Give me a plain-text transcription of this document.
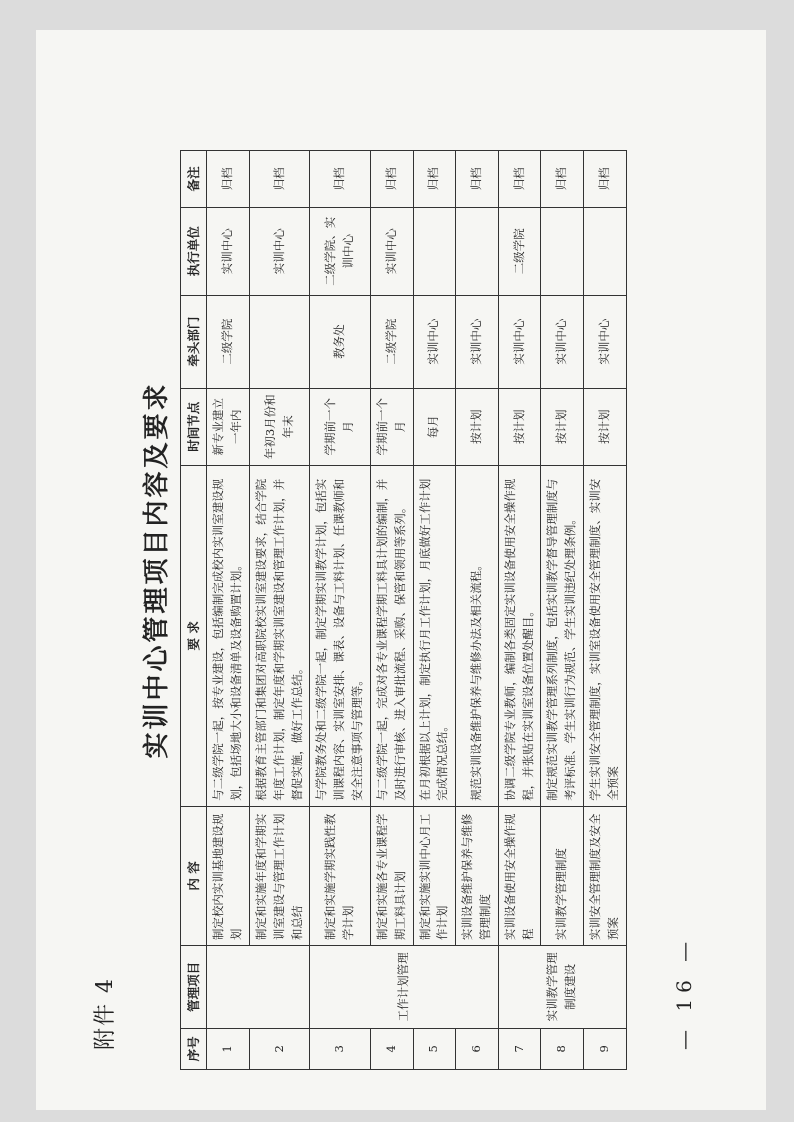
附件 4
实训中心管理项目内容及要求
序号	管理项目	内 容	要 求	时间节点	牵头部门	执行单位	备注
1		制定校内实训基地建设规划	与二级学院一起，按专业建设，包括编制完成校内实训室建设规划，包括场地大小和设备清单及设备购置计划。	新专业建立一年内	二级学院	实训中心	归档
2		制定和实施年度和学期实训室建设与管理工作计划和总结	根据教育主管部门和集团对高职院校实训室建设要求，结合学院年度工作计划，制定年度和学期实训室建设和管理工作计划，并督促实施，做好工作总结。	年初3月份和年末		实训中心	归档
3	工作计划管理	制定和实施学期实践性教学计划	与学院教务处和二级学院一起，制定学期实训教学计划，包括实训课程内容、实训室安排、课表、设备与工料计划、任课教师和安全注意事项与管理等。	学期前一个月	教务处	二级学院、实训中心	归档
4		制定和实施各专业课程学期工料具计划	与二级学院一起，完成对各专业课程学期工料具计划的编制，并及时进行审核、进入审批流程、采购、保管和领用等系列。	学期前一个月	二级学院	实训中心	归档
5		制定和实施实训中心月工作计划	在月初根据以上计划，制定执行月工作计划，月底做好工作计划完成情况总结。	每月	实训中心		归档
6		实训设备维护保养与维修管理制度	规范实训设备维护保养与维修办法及相关流程。	按计划	实训中心		归档
7	实训教学管理制度建设	实训设备使用安全操作规程	协调二级学院专业教师，编制各类固定实训设备使用安全操作规程，并张贴在实训室设备位置处醒目。	按计划	实训中心	二级学院	归档
8		实训教学管理制度	制定规范实训教学管理系列制度，包括实训教学督导管理制度与考评标准、学生实训行为规范、学生实训违纪处理条例。	按计划	实训中心		归档
9		实训安全管理制度及安全预案	学生实训安全管理制度，实训室设备使用安全管理制度、实训安全预案	按计划	实训中心		归档
— 16 —
